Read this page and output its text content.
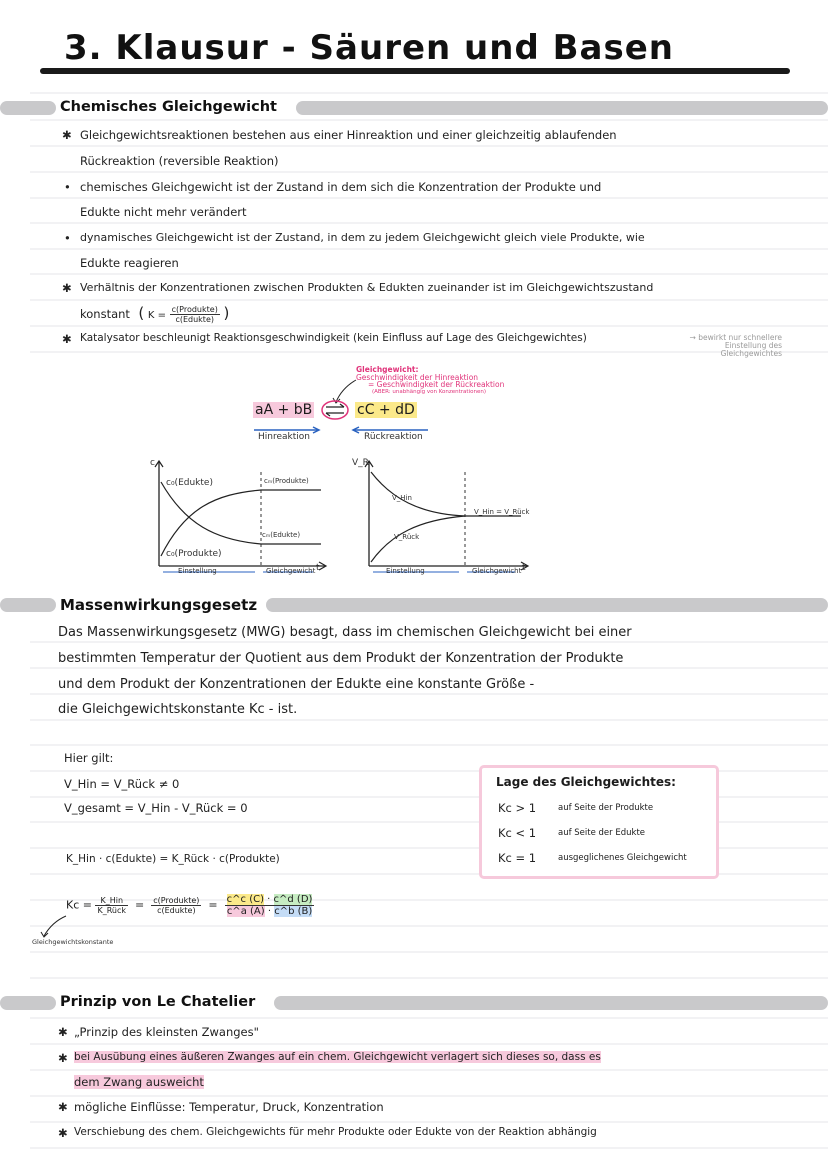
3. Klausur - Säuren und Basen
Chemisches Gleichgewicht
✱ Gleichgewichtsreaktionen bestehen aus einer Hinreaktion und einer gleichzeitig ablaufenden
Rückreaktion (reversible Reaktion)
• chemisches Gleichgewicht ist der Zustand in dem sich die Konzentration der Produkte und
Edukte nicht mehr verändert
• dynamisches Gleichgewicht ist der Zustand, in dem zu jedem Gleichgewicht gleich viele Produkte, wie
Edukte reagieren
✱ Verhältnis der Konzentrationen zwischen Produkten & Edukten zueinander ist im Gleichgewichtszustand
konstant  ( $K = \frac{\text{c(Produkte)}}{\text{c(Edukte)}}$ )
✱ Katalysator beschleunigt Reaktionsgeschwindigkeit (kein Einfluss auf Lage des Gleichgewichtes)	→ bewirkt nur schnellere
Einstellung des
Gleichgewichtes
Gleichgewicht:
Geschwindigkeit der Hinreaktion
= Geschwindigkeit der Rückreaktion
(ABER: unabhängig von Konzentrationen)
aA + bB ⇌ cC + dD
Hinreaktion	Rückreaktion
c
c₀(Edukte)
c₀(Produkte)
cₘ(Produkte)
cₘ(Edukte)
Einstellung	Gleichgewicht t
V_R
V_Hin
V_Rück
V_Hin = V_Rück
Einstellung	Gleichgewicht t
Massenwirkungsgesetz
Das Massenwirkungsgesetz (MWG) besagt, dass im chemischen Gleichgewicht bei einer
bestimmten Temperatur der Quotient aus dem Produkt der Konzentration der Produkte
und dem Produkt der Konzentrationen der Edukte eine konstante Größe -
die Gleichgewichtskonstante Kc - ist.
Hier gilt:
V_Hin = V_Rück ≠ 0
V_gesamt = V_Hin - V_Rück = 0
K_Hin · c(Edukte) = K_Rück · c(Produkte)
$Kc = \frac{\text{K\_Hin}}{\text{K\_Rück}} = \frac{\text{c(Produkte)}}{\text{c(Edukte)}} = \frac{c\^{}c (C) \cdot c\^{}d (D)}{c\^{}a (A) \cdot c\^{}b (B)}$
Gleichgewichtskonstante
Lage des Gleichgewichtes:
Kc > 1	auf Seite der Produkte
Kc < 1	auf Seite der Edukte
Kc = 1	ausgeglichenes Gleichgewicht
Prinzip von Le Chatelier
✱ „Prinzip des kleinsten Zwanges"
✱ bei Ausübung eines äußeren Zwanges auf ein chem. Gleichgewicht verlagert sich dieses so, dass es
dem Zwang ausweicht
✱ mögliche Einflüsse: Temperatur, Druck, Konzentration
✱ Verschiebung des chem. Gleichgewichts für mehr Produkte oder Edukte von der Reaktion abhängig
